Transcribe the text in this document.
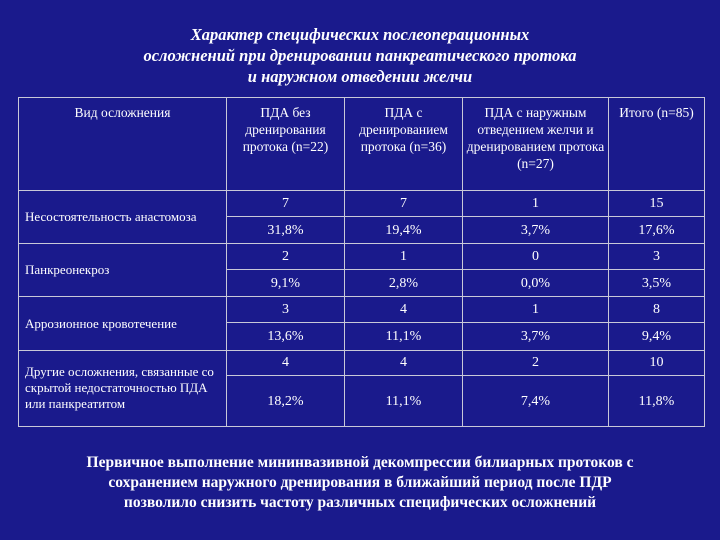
Характер специфических послеоперационных
осложнений при дренировании панкреатического протока
и наружном отведении желчи
Вид осложнения	ПДА без дренирования протока (n=22)	ПДА с дренированием протока (n=36)	ПДА с наружным отведением желчи и дренированием протока (n=27)	Итого (n=85)
Несостоятельность анастомоза	7	7	1	15
	31,8%	19,4%	3,7%	17,6%
Панкреонекроз	2	1	0	3
	9,1%	2,8%	0,0%	3,5%
Аррозионное кровотечение	3	4	1	8
	13,6%	11,1%	3,7%	9,4%
Другие осложнения, связанные со скрытой недостаточностью ПДА или панкреатитом	4	4	2	10
	18,2%	11,1%	7,4%	11,8%
Первичное выполнение мининвазивной декомпрессии билиарных протоков с
сохранением наружного дренирования в ближайший период после ПДР
позволило снизить частоту различных специфических осложнений
